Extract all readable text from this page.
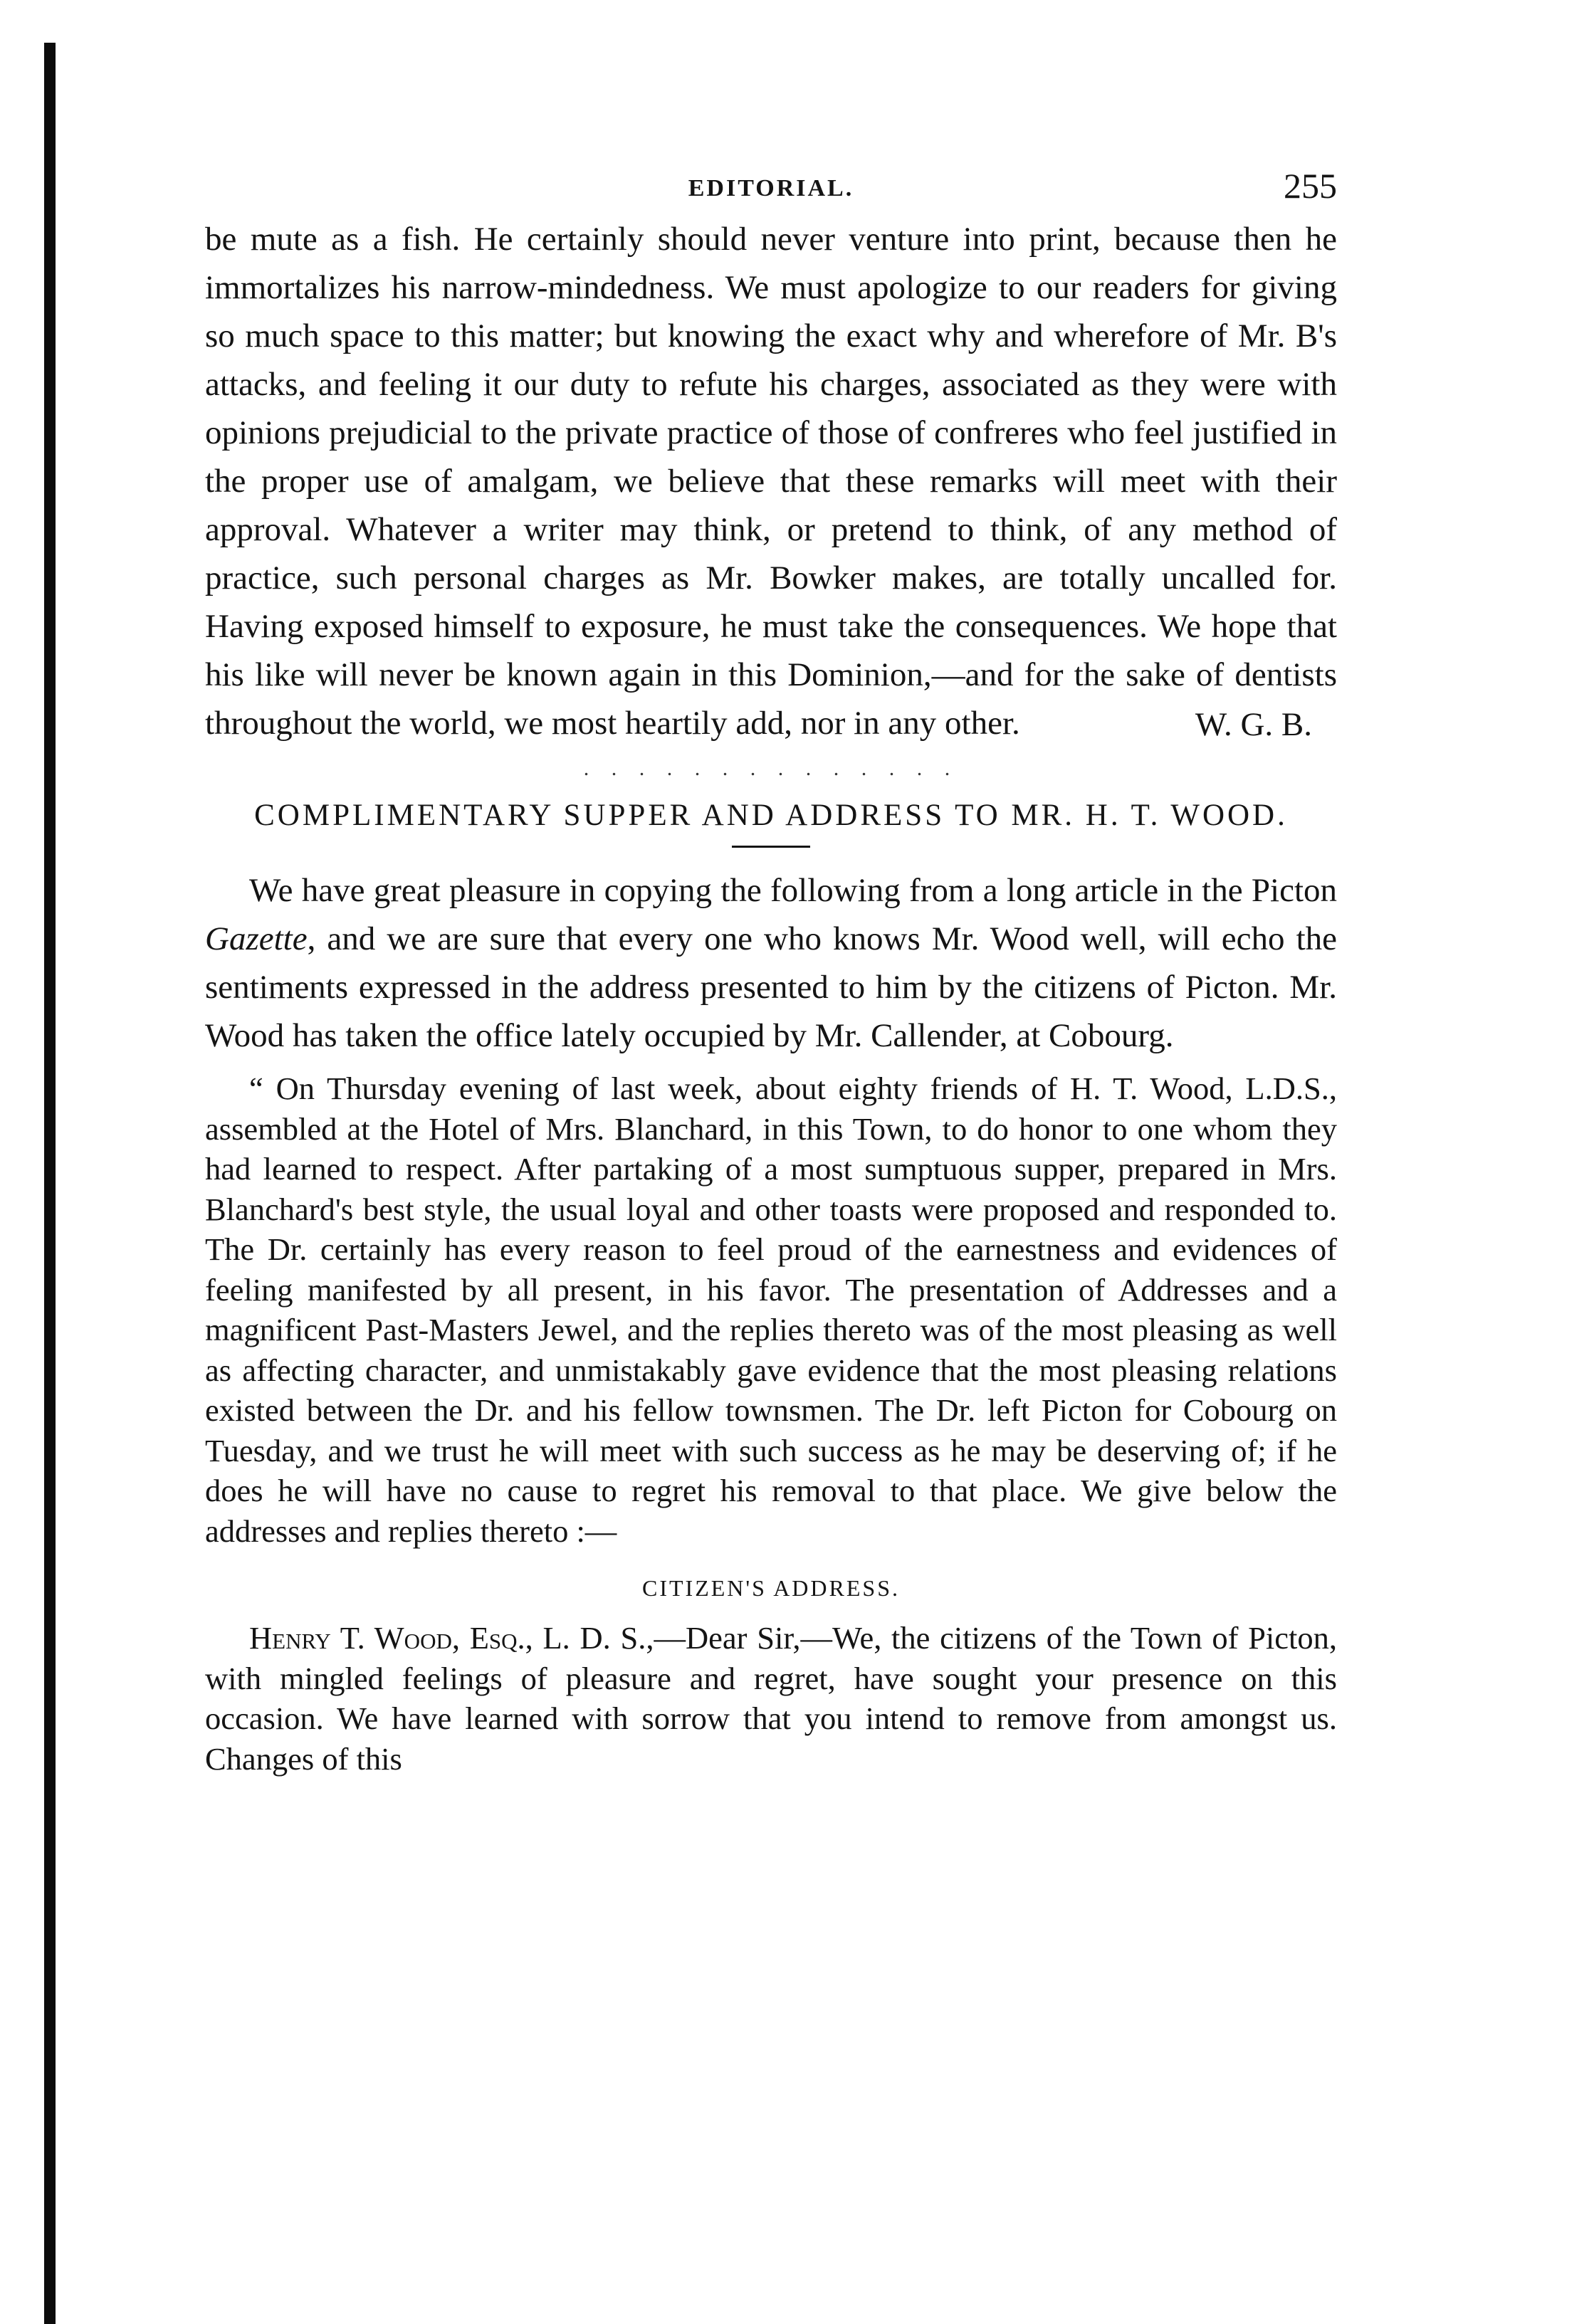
EDITORIAL.	255

be mute as a fish. He certainly should never venture into print, because then he immortalizes his narrow-mindedness. We must apologize to our readers for giving so much space to this matter; but knowing the exact why and wherefore of Mr. B's attacks, and feeling it our duty to refute his charges, associated as they were with opinions prejudicial to the private practice of those of confreres who feel justified in the proper use of amalgam, we believe that these remarks will meet with their approval. Whatever a writer may think, or pretend to think, of any method of practice, such personal charges as Mr. Bowker makes, are totally uncalled for. Having exposed himself to exposure, he must take the consequences. We hope that his like will never be known again in this Dominion,—and for the sake of dentists throughout the world, we most heartily add, nor in any other.	W. G. B.

. . . . . . . . . . . . . .

COMPLIMENTARY SUPPER AND ADDRESS TO MR. H. T. WOOD.

We have great pleasure in copying the following from a long article in the Picton Gazette, and we are sure that every one who knows Mr. Wood well, will echo the sentiments expressed in the address presented to him by the citizens of Picton. Mr. Wood has taken the office lately occupied by Mr. Callender, at Cobourg.

“ On Thursday evening of last week, about eighty friends of H. T. Wood, L.D.S., assembled at the Hotel of Mrs. Blanchard, in this Town, to do honor to one whom they had learned to respect. After partaking of a most sumptuous supper, prepared in Mrs. Blanchard's best style, the usual loyal and other toasts were proposed and responded to. The Dr. certainly has every reason to feel proud of the earnestness and evidences of feeling manifested by all present, in his favor. The presentation of Addresses and a magnificent Past-Masters Jewel, and the replies thereto was of the most pleasing as well as affecting character, and unmistakably gave evidence that the most pleasing relations existed between the Dr. and his fellow townsmen. The Dr. left Picton for Cobourg on Tuesday, and we trust he will meet with such success as he may be deserving of; if he does he will have no cause to regret his removal to that place. We give below the addresses and replies thereto :—

CITIZEN'S ADDRESS.

Henry T. Wood, Esq., L. D. S.,—Dear Sir,—We, the citizens of the Town of Picton, with mingled feelings of pleasure and regret, have sought your presence on this occasion. We have learned with sorrow that you intend to remove from amongst us. Changes of this
